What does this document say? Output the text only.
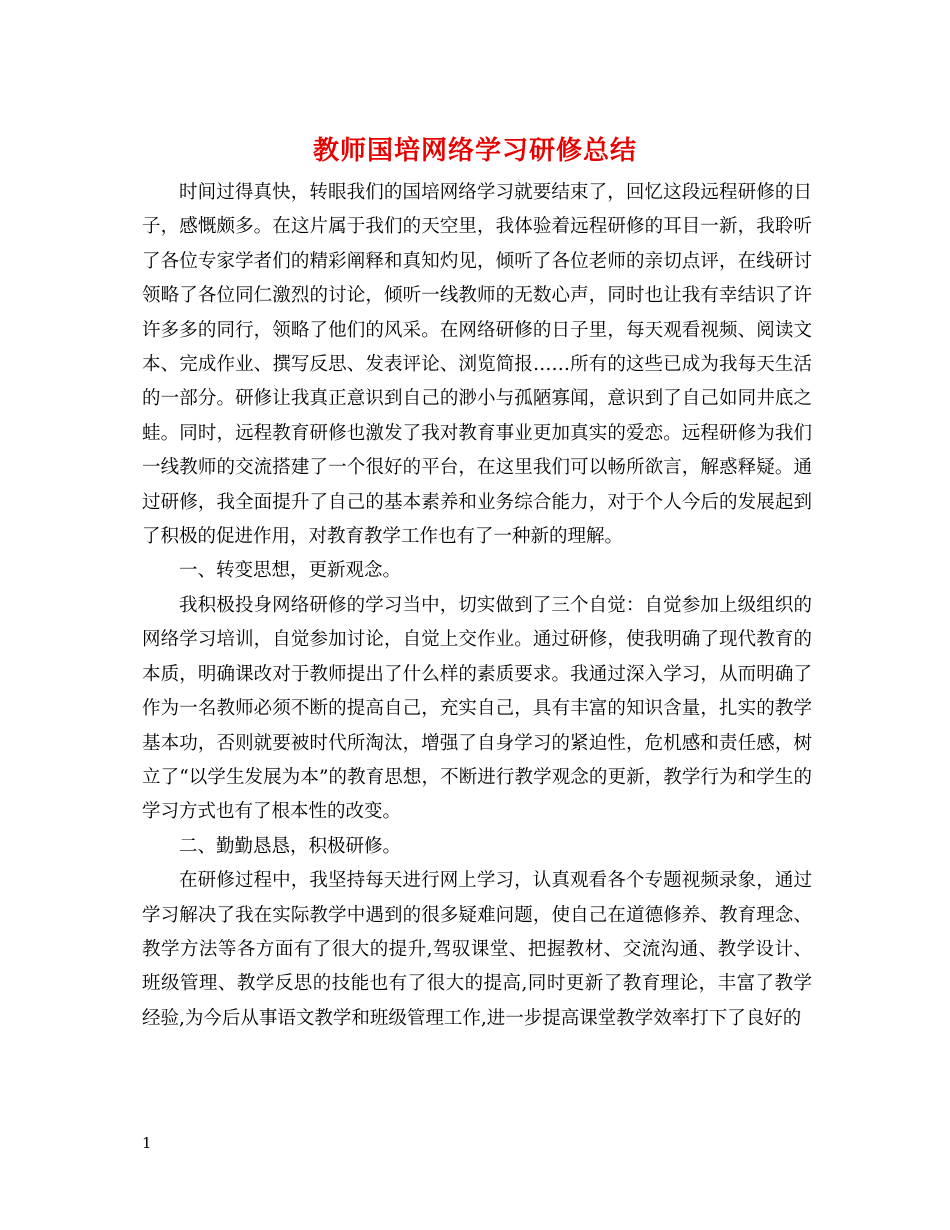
教师国培网络学习研修总结

时间过得真快，转眼我们的国培网络学习就要结束了，回忆这段远程研修的日子，感慨颇多。在这片属于我们的天空里，我体验着远程研修的耳目一新，我聆听了各位专家学者们的精彩阐释和真知灼见，倾听了各位老师的亲切点评，在线研讨领略了各位同仁激烈的讨论，倾听一线教师的无数心声，同时也让我有幸结识了许许多多的同行，领略了他们的风采。在网络研修的日子里，每天观看视频、阅读文本、完成作业、撰写反思、发表评论、浏览简报……所有的这些已成为我每天生活的一部分。研修让我真正意识到自己的渺小与孤陋寡闻，意识到了自己如同井底之蛙。同时，远程教育研修也激发了我对教育事业更加真实的爱恋。远程研修为我们一线教师的交流搭建了一个很好的平台，在这里我们可以畅所欲言，解惑释疑。通过研修，我全面提升了自己的基本素养和业务综合能力，对于个人今后的发展起到了积极的促进作用，对教育教学工作也有了一种新的理解。

一、转变思想，更新观念。

我积极投身网络研修的学习当中，切实做到了三个自觉：自觉参加上级组织的网络学习培训，自觉参加讨论，自觉上交作业。通过研修，使我明确了现代教育的本质，明确课改对于教师提出了什么样的素质要求。我通过深入学习，从而明确了作为一名教师必须不断的提高自己，充实自己，具有丰富的知识含量，扎实的教学基本功，否则就要被时代所淘汰，增强了自身学习的紧迫性，危机感和责任感，树立了“以学生发展为本”的教育思想，不断进行教学观念的更新，教学行为和学生的学习方式也有了根本性的改变。

二、勤勤恳恳，积极研修。

在研修过程中，我坚持每天进行网上学习，认真观看各个专题视频录象，通过学习解决了我在实际教学中遇到的很多疑难问题，使自己在道德修养、教育理念、教学方法等各方面有了很大的提升,驾驭课堂、把握教材、交流沟通、教学设计、班级管理、教学反思的技能也有了很大的提高,同时更新了教育理论，丰富了教学经验,为今后从事语文教学和班级管理工作,进一步提高课堂教学效率打下了良好的

1
